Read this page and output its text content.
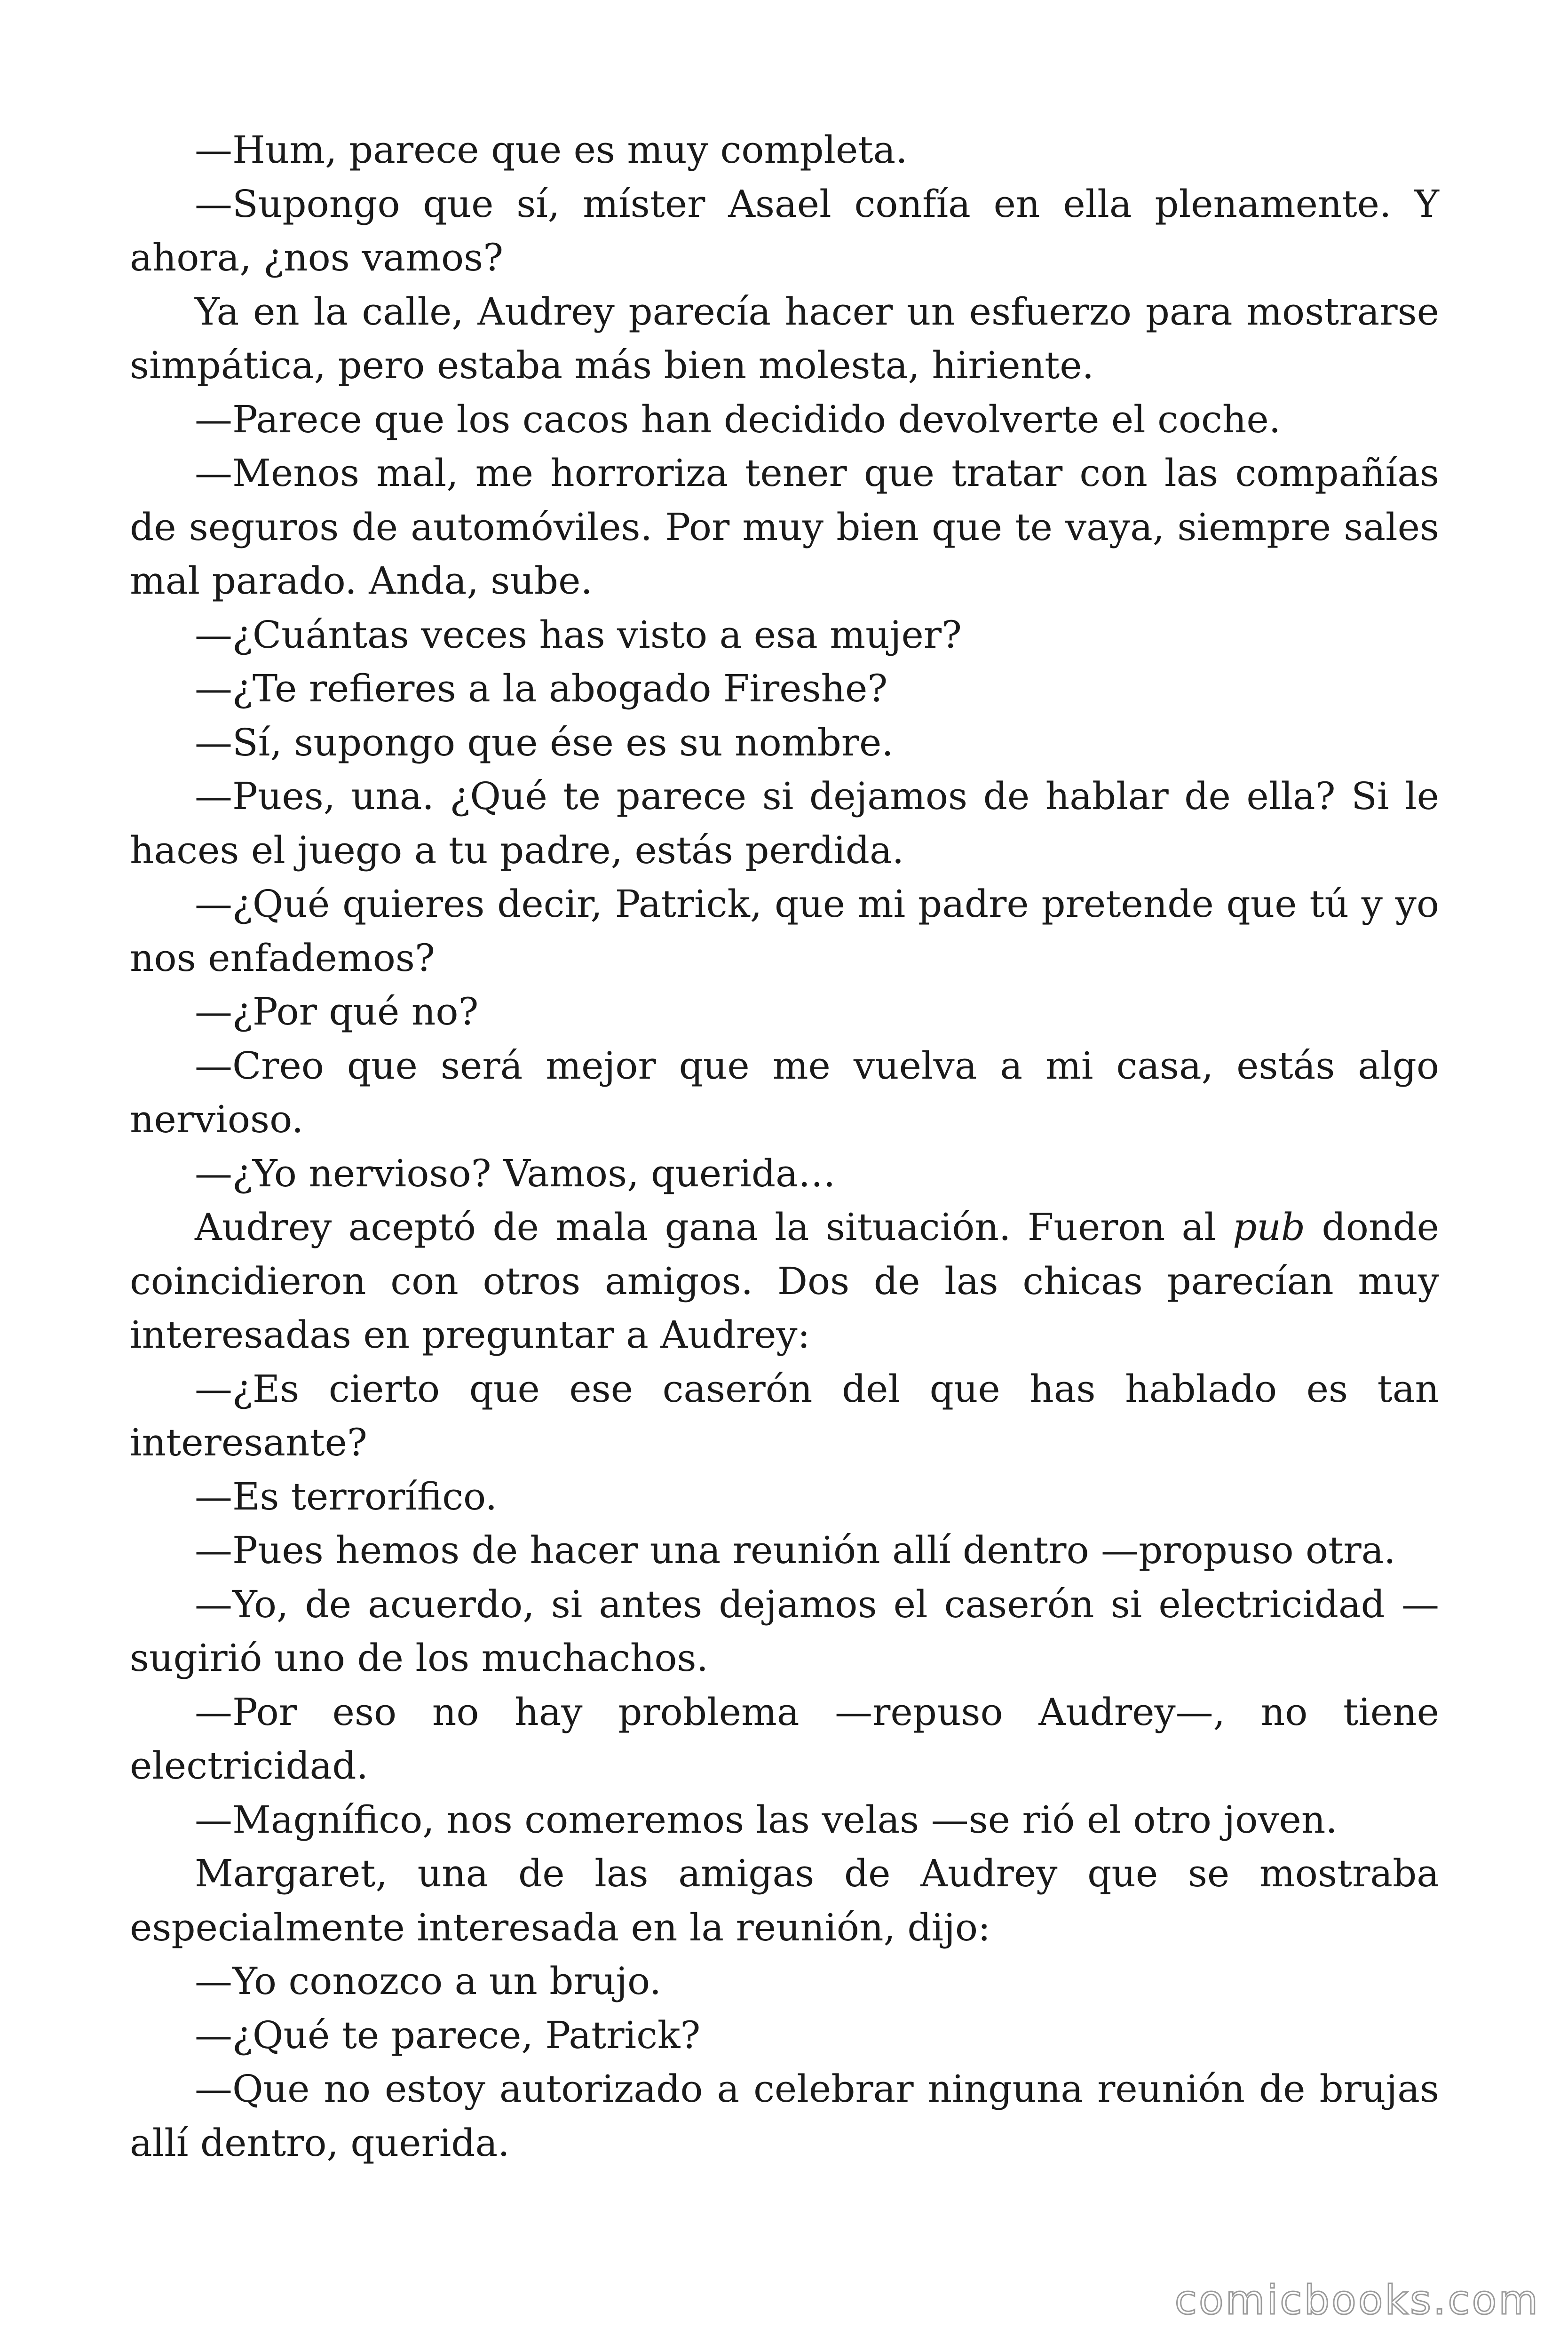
—Hum, parece que es muy completa.

—Supongo que sí, míster Asael confía en ella plenamente. Y ahora, ¿nos vamos?

Ya en la calle, Audrey parecía hacer un esfuerzo para mostrarse simpática, pero estaba más bien molesta, hiriente.

—Parece que los cacos han decidido devolverte el coche.

—Menos mal, me horroriza tener que tratar con las compañías de seguros de automóviles. Por muy bien que te vaya, siempre sales mal parado. Anda, sube.

—¿Cuántas veces has visto a esa mujer?

—¿Te refieres a la abogado Fireshe?

—Sí, supongo que ése es su nombre.

—Pues, una. ¿Qué te parece si dejamos de hablar de ella? Si le haces el juego a tu padre, estás perdida.

—¿Qué quieres decir, Patrick, que mi padre pretende que tú y yo nos enfademos?

—¿Por qué no?

—Creo que será mejor que me vuelva a mi casa, estás algo nervioso.

—¿Yo nervioso? Vamos, querida…

Audrey aceptó de mala gana la situación. Fueron al pub donde coincidieron con otros amigos. Dos de las chicas parecían muy interesadas en preguntar a Audrey:

—¿Es cierto que ese caserón del que has hablado es tan interesante?

—Es terrorífico.

—Pues hemos de hacer una reunión allí dentro —propuso otra.

—Yo, de acuerdo, si antes dejamos el caserón si electricidad —sugirió uno de los muchachos.

—Por eso no hay problema —repuso Audrey—, no tiene electricidad.

—Magnífico, nos comeremos las velas —se rió el otro joven.

Margaret, una de las amigas de Audrey que se mostraba especialmente interesada en la reunión, dijo:

—Yo conozco a un brujo.

—¿Qué te parece, Patrick?

—Que no estoy autorizado a celebrar ninguna reunión de brujas allí dentro, querida.

comicbooks.com
